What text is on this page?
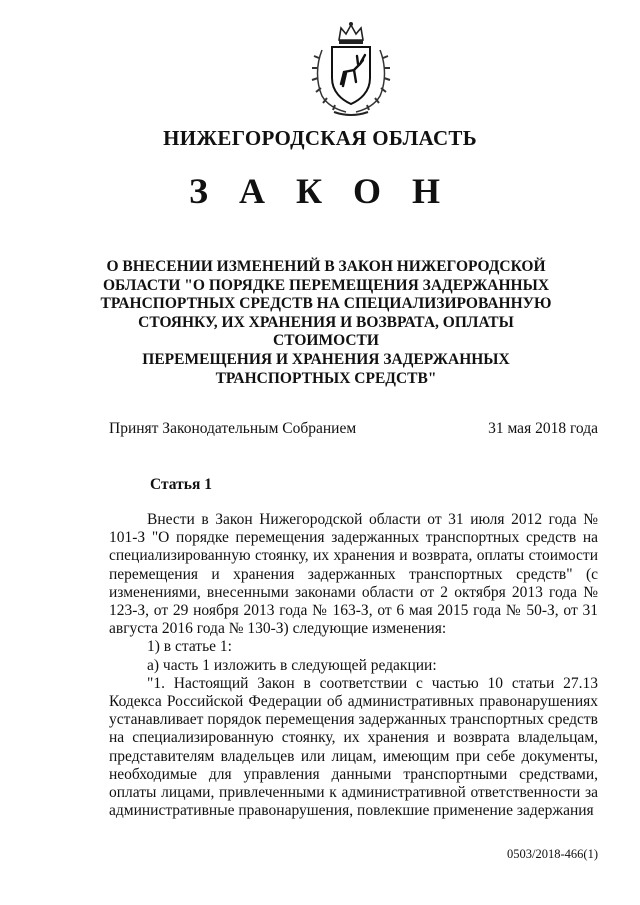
НИЖЕГОРОДСКАЯ ОБЛАСТЬ
З А К О Н
О ВНЕСЕНИИ ИЗМЕНЕНИЙ В ЗАКОН НИЖЕГОРОДСКОЙ
ОБЛАСТИ "О ПОРЯДКЕ ПЕРЕМЕЩЕНИЯ ЗАДЕРЖАННЫХ
ТРАНСПОРТНЫХ СРЕДСТВ НА СПЕЦИАЛИЗИРОВАННУЮ
СТОЯНКУ, ИХ ХРАНЕНИЯ И ВОЗВРАТА, ОПЛАТЫ СТОИМОСТИ
ПЕРЕМЕЩЕНИЯ И ХРАНЕНИЯ ЗАДЕРЖАННЫХ
ТРАНСПОРТНЫХ СРЕДСТВ"
Принят Законодательным Собранием	31 мая 2018 года
Статья 1

Внести в Закон Нижегородской области от 31 июля 2012 года № 101-З "О порядке перемещения задержанных транспортных средств на специализированную стоянку, их хранения и возврата, оплаты стоимости перемещения и хранения задержанных транспортных средств" (с изменениями, внесенными законами области от 2 октября 2013 года № 123-З, от 29 ноября 2013 года № 163-З, от 6 мая 2015 года № 50-З, от 31 августа 2016 года № 130-З) следующие изменения:

1) в статье 1:

а) часть 1 изложить в следующей редакции:

"1. Настоящий Закон в соответствии с частью 10 статьи 27.13 Кодекса Российской Федерации об административных правонарушениях устанавливает порядок перемещения задержанных транспортных средств на специализированную стоянку, их хранения и возврата владельцам, представителям владельцев или лицам, имеющим при себе документы, необходимые для управления данными транспортными средствами, оплаты лицами, привлеченными к административной ответственности за административные правонарушения, повлекшие применение задержания

0503/2018-466(1)
